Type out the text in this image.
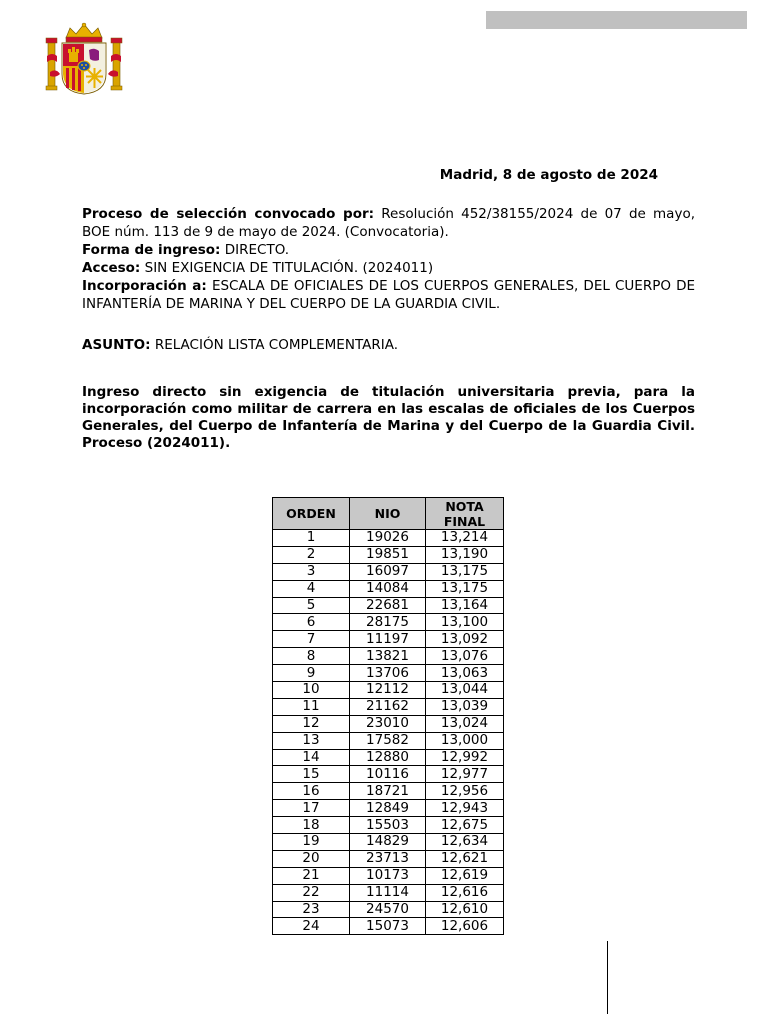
Madrid, 8 de agosto de 2024

Proceso de selección convocado por: Resolución 452/38155/2024 de 07 de mayo, BOE núm. 113 de 9 de mayo de 2024. (Convocatoria).
Forma de ingreso: DIRECTO.
Acceso: SIN EXIGENCIA DE TITULACIÓN. (2024011)
Incorporación a: ESCALA DE OFICIALES DE LOS CUERPOS GENERALES, DEL CUERPO DE INFANTERÍA DE MARINA Y DEL CUERPO DE LA GUARDIA CIVIL.

ASUNTO: RELACIÓN LISTA COMPLEMENTARIA.

Ingreso directo sin exigencia de titulación universitaria previa, para la incorporación como militar de carrera en las escalas de oficiales de los Cuerpos Generales, del Cuerpo de Infantería de Marina y del Cuerpo de la Guardia Civil. Proceso (2024011).

ORDEN	NIO	NOTA FINAL
1	19026	13,214
2	19851	13,190
3	16097	13,175
4	14084	13,175
5	22681	13,164
6	28175	13,100
7	11197	13,092
8	13821	13,076
9	13706	13,063
10	12112	13,044
11	21162	13,039
12	23010	13,024
13	17582	13,000
14	12880	12,992
15	10116	12,977
16	18721	12,956
17	12849	12,943
18	15503	12,675
19	14829	12,634
20	23713	12,621
21	10173	12,619
22	11114	12,616
23	24570	12,610
24	15073	12,606
